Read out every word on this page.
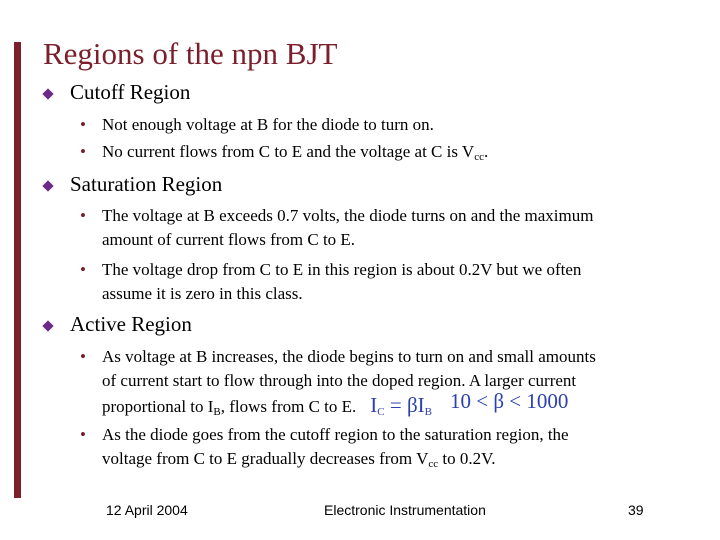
Regions of the npn BJT
Cutoff Region
• Not enough voltage at B for the diode to turn on.
• No current flows from C to E and the voltage at C is $V_{cc}$.
Saturation Region
• The voltage at B exceeds 0.7 volts, the diode turns on and the maximum
amount of current flows from C to E.
• The voltage drop from C to E in this region is about 0.2V but we often
assume it is zero in this class.
Active Region
• As voltage at B increases, the diode begins to turn on and small amounts
of current start to flow through into the doped region. A larger current
proportional to $I_B$, flows from C to E. $I_C = \beta I_B$ 10 < β < 1000
• As the diode goes from the cutoff region to the saturation region, the
voltage from C to E gradually decreases from $V_{cc}$ to 0.2V.
12 April 2004	Electronic Instrumentation	39
